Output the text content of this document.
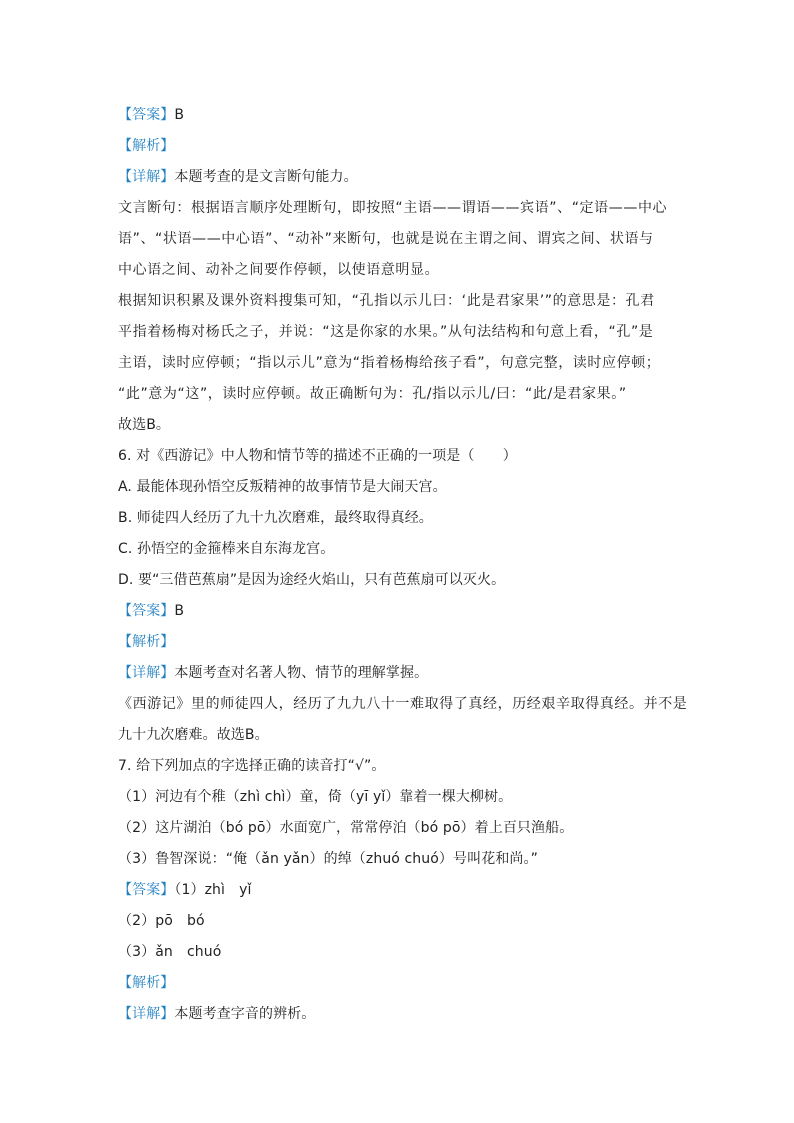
【答案】B
【解析】
【详解】本题考查的是文言断句能力。
文言断句：根据语言顺序处理断句，即按照“主语——谓语——宾语”、“定语——中心
语”、“状语——中心语”、“动补”来断句，也就是说在主谓之间、谓宾之间、状语与
中心语之间、动补之间要作停顿，以使语意明显。
根据知识积累及课外资料搜集可知，“孔指以示儿曰：‘此是君家果’”的意思是：孔君
平指着杨梅对杨氏之子，并说：“这是你家的水果。”从句法结构和句意上看，“孔”是
主语，读时应停顿；“指以示儿”意为“指着杨梅给孩子看”，句意完整，读时应停顿；
“此”意为“这”，读时应停顿。故正确断句为：孔/指以示儿/曰：“此/是君家果。”
故选B。
6. 对《西游记》中人物和情节等的描述不正确的一项是（　　）
A. 最能体现孙悟空反叛精神的故事情节是大闹天宫。
B. 师徒四人经历了九十九次磨难，最终取得真经。
C. 孙悟空的金箍棒来自东海龙宫。
D. 要“三借芭蕉扇”是因为途经火焰山，只有芭蕉扇可以灭火。
【答案】B
【解析】
【详解】本题考查对名著人物、情节的理解掌握。
《西游记》里的师徒四人，经历了九九八十一难取得了真经，历经艰辛取得真经。并不是
九十九次磨难。故选B。
7. 给下列加点的字选择正确的读音打“√”。
（1）河边有个稚（zhì chì）童，倚（yī yǐ）靠着一棵大柳树。
（2）这片湖泊（bó pō）水面宽广，常常停泊（bó pō）着上百只渔船。
（3）鲁智深说：“俺（ǎn yǎn）的绰（zhuó chuó）号叫花和尚。”
【答案】（1）zhì　yǐ
（2）pō　bó
（3）ǎn　chuó
【解析】
【详解】本题考查字音的辨析。
